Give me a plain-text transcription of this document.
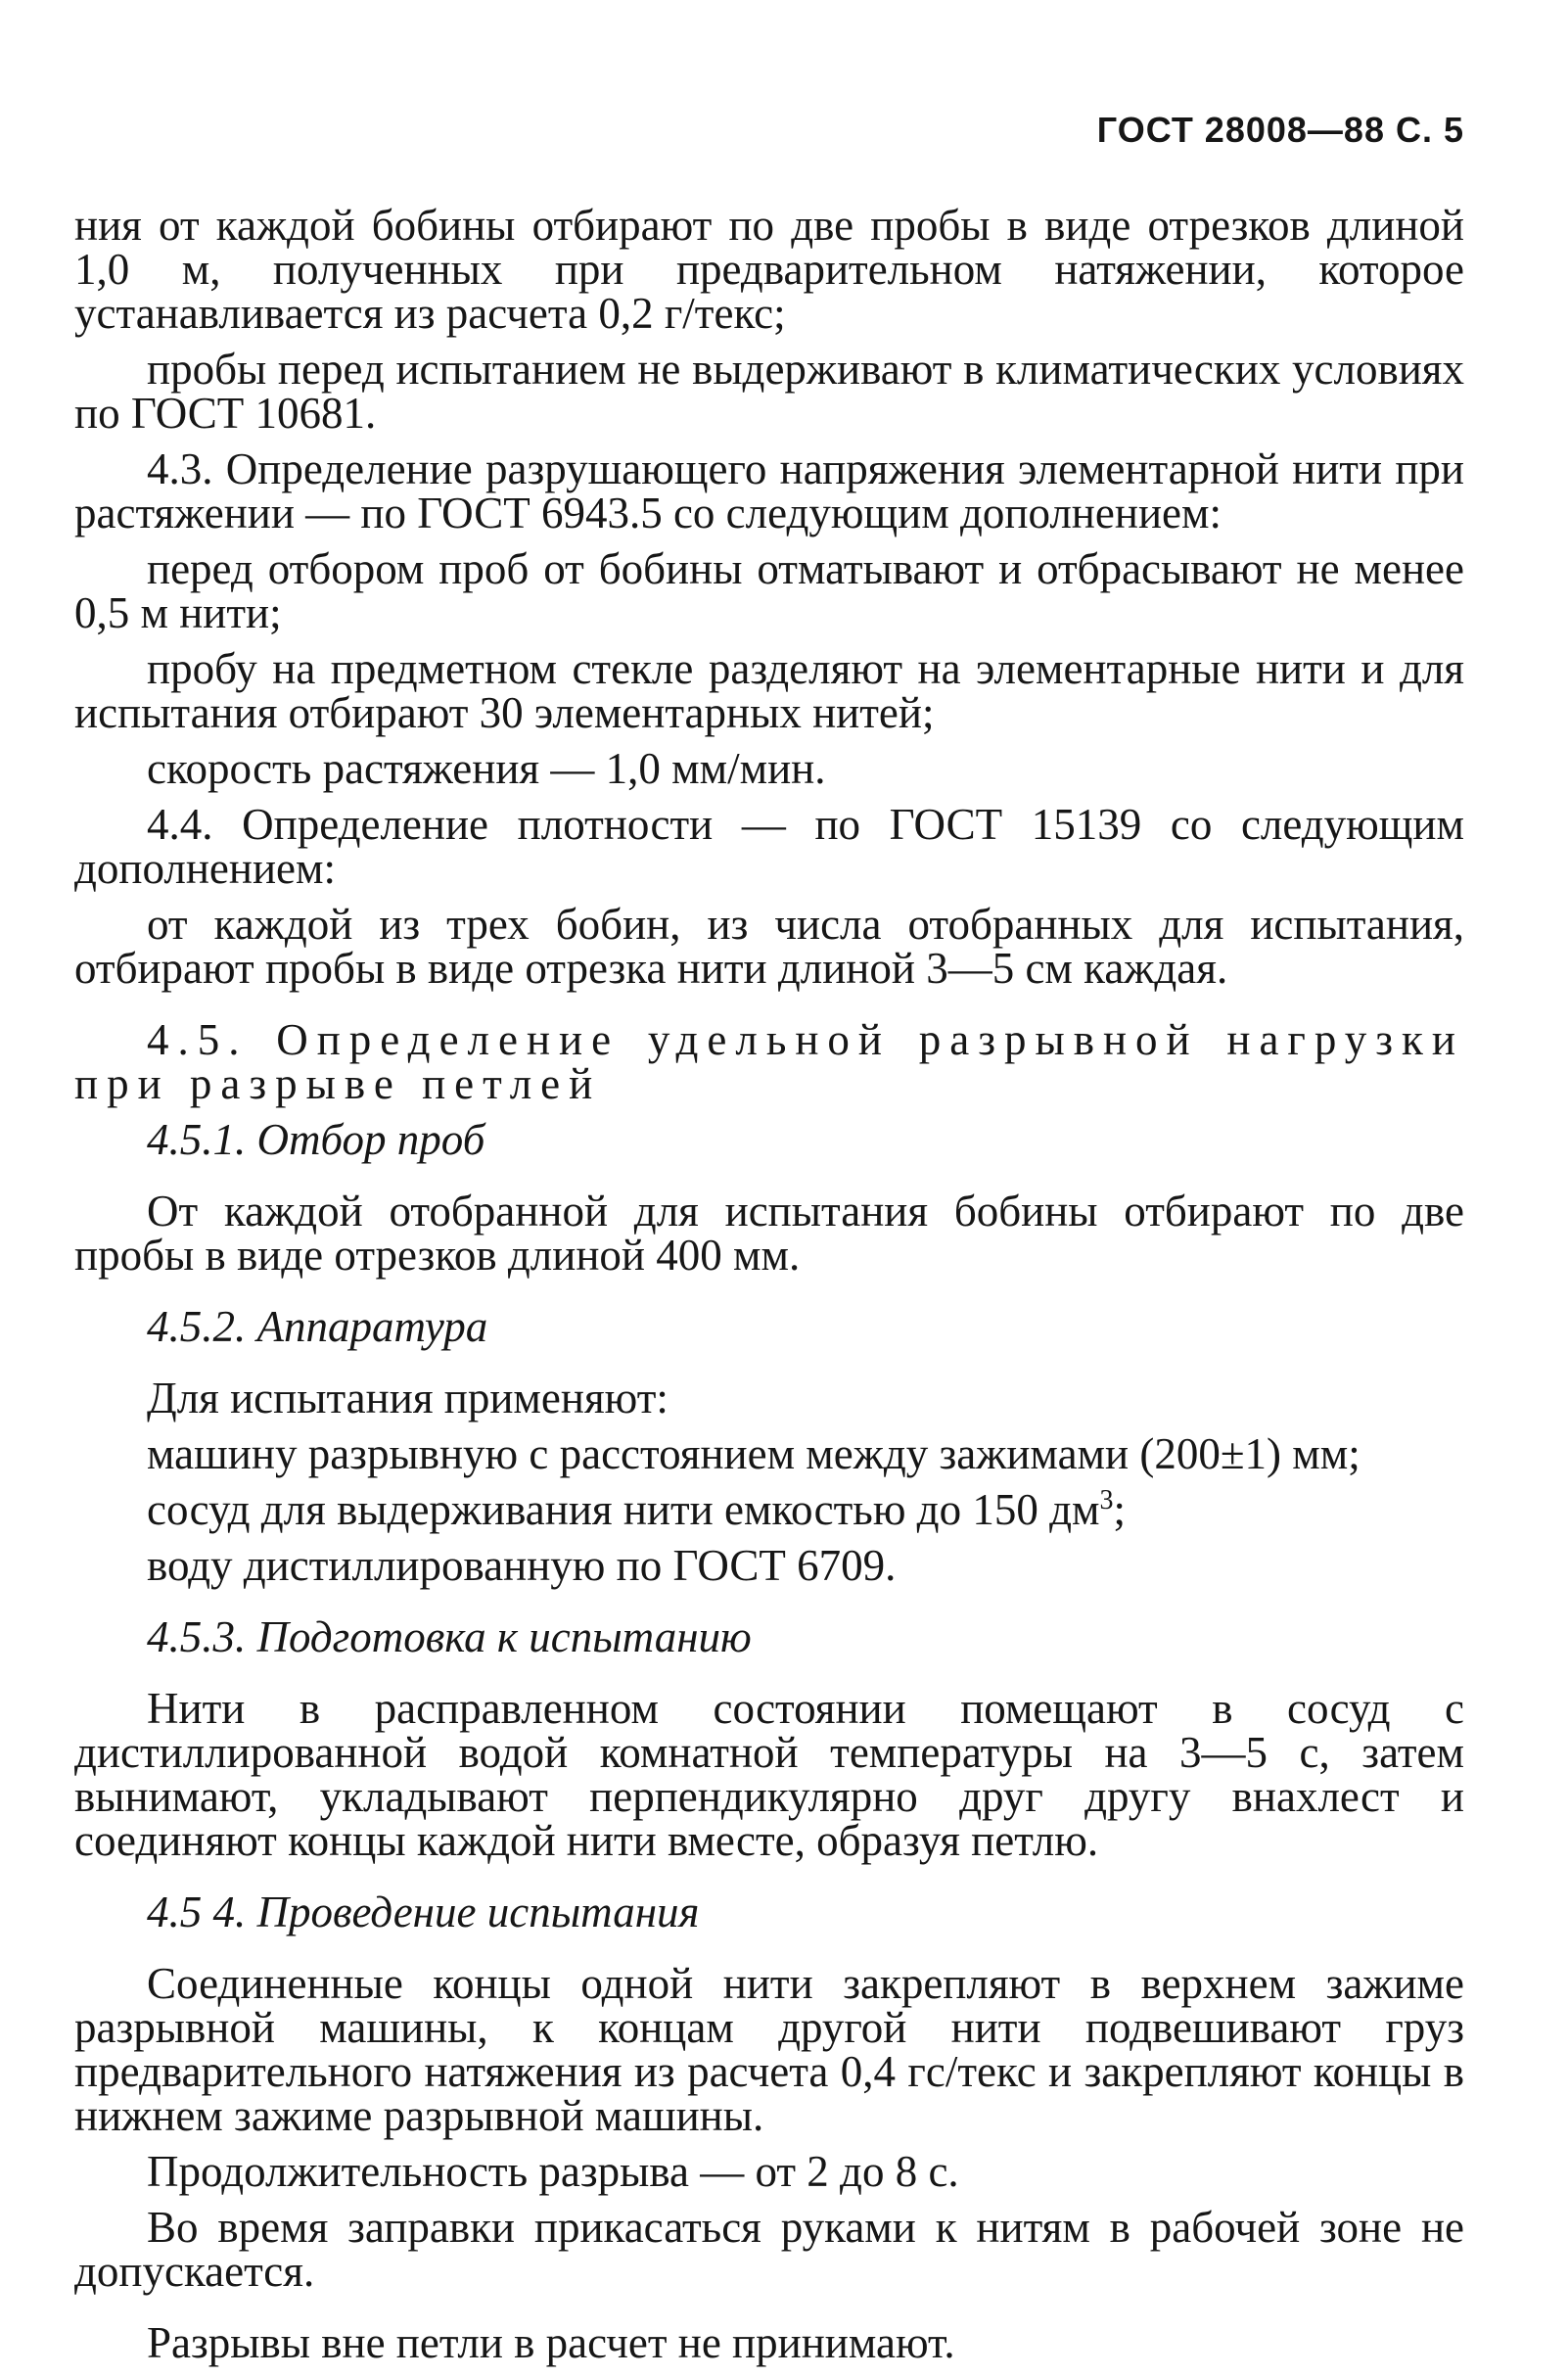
ГОСТ 28008—88 С. 5

ния от каждой бобины отбирают по две пробы в виде отрезков длиной 1,0 м, полученных при предварительном натяжении, которое устанавливается из расчета 0,2 г/текс;

пробы перед испытанием не выдерживают в климатических условиях по ГОСТ 10681.

4.3. Определение разрушающего напряжения элементарной нити при растяжении — по ГОСТ 6943.5 со следующим дополнением:

перед отбором проб от бобины отматывают и отбрасывают не менее 0,5 м нити;

пробу на предметном стекле разделяют на элементарные нити и для испытания отбирают 30 элементарных нитей;

скорость растяжения — 1,0 мм/мин.

4.4. Определение плотности — по ГОСТ 15139 со следующим дополнением:

от каждой из трех бобин, из числа отобранных для испытания, отбирают пробы в виде отрезка нити длиной 3—5 см каждая.

4.5. Определение удельной разрывной нагрузки при разрыве петлей

4.5.1. Отбор проб

От каждой отобранной для испытания бобины отбирают по две пробы в виде отрезков длиной 400 мм.

4.5.2. Аппаратура

Для испытания применяют:

машину разрывную с расстоянием между зажимами (200±1) мм;

сосуд для выдерживания нити емкостью до 150 $дм^3$;

воду дистиллированную по ГОСТ 6709.

4.5.3. Подготовка к испытанию

Нити в расправленном состоянии помещают в сосуд с дистиллированной водой комнатной температуры на 3—5 с, затем вынимают, укладывают перпендикулярно друг другу внахлест и соединяют концы каждой нити вместе, образуя петлю.

4.5 4. Проведение испытания

Соединенные концы одной нити закрепляют в верхнем зажиме разрывной машины, к концам другой нити подвешивают груз предварительного натяжения из расчета 0,4 гс/текс и закрепляют концы в нижнем зажиме разрывной машины.

Продолжительность разрыва — от 2 до 8 с.

Во время заправки прикасаться руками к нитям в рабочей зоне не допускается.

Разрывы вне петли в расчет не принимают.
